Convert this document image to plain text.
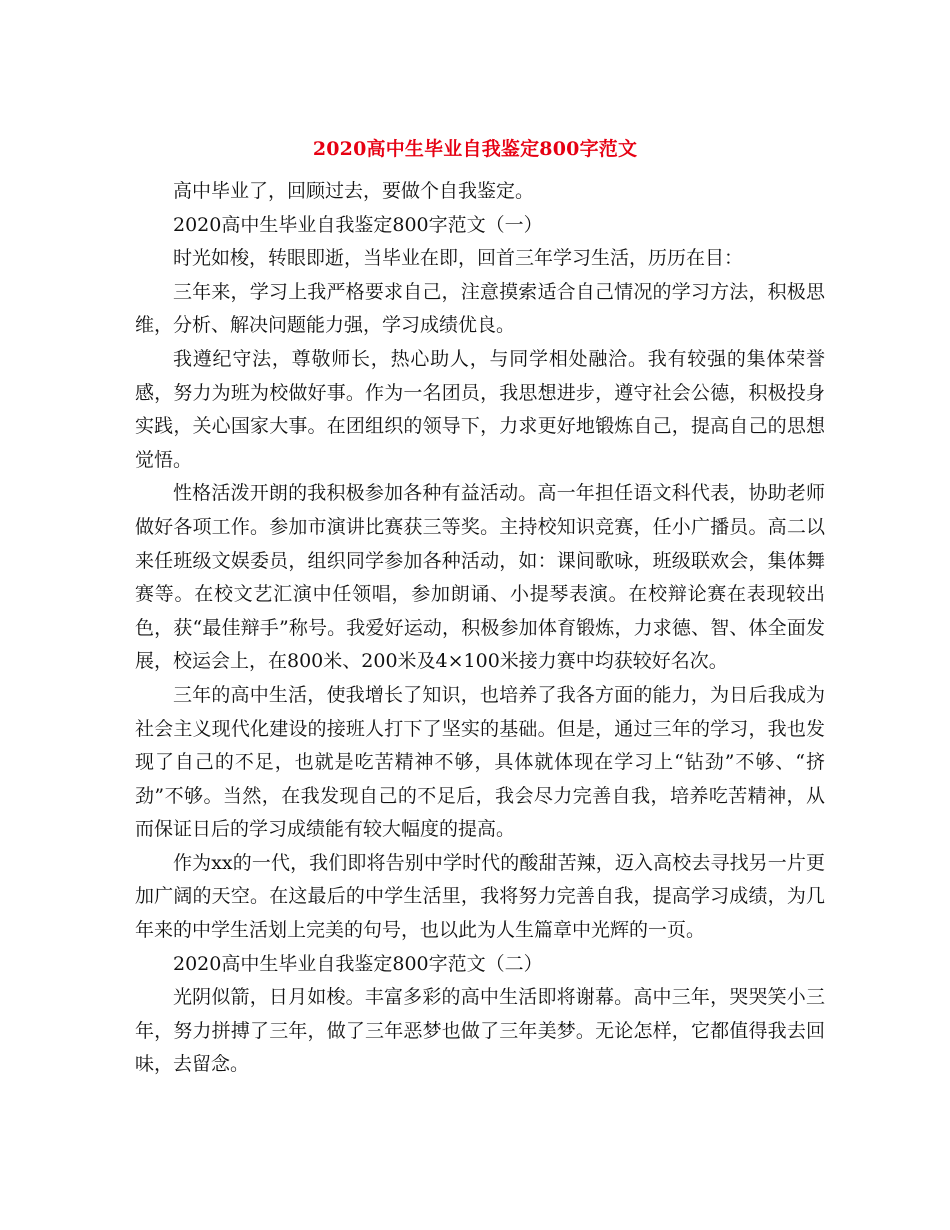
2020高中生毕业自我鉴定800字范文

高中毕业了，回顾过去，要做个自我鉴定。

2020高中生毕业自我鉴定800字范文（一）

时光如梭，转眼即逝，当毕业在即，回首三年学习生活，历历在目：

三年来，学习上我严格要求自己，注意摸索适合自己情况的学习方法，积极思维，分析、解决问题能力强，学习成绩优良。

我遵纪守法，尊敬师长，热心助人，与同学相处融洽。我有较强的集体荣誉感，努力为班为校做好事。作为一名团员，我思想进步，遵守社会公德，积极投身实践，关心国家大事。在团组织的领导下，力求更好地锻炼自己，提高自己的思想觉悟。

性格活泼开朗的我积极参加各种有益活动。高一年担任语文科代表，协助老师做好各项工作。参加市演讲比赛获三等奖。主持校知识竞赛，任小广播员。高二以来任班级文娱委员，组织同学参加各种活动，如：课间歌咏，班级联欢会，集体舞赛等。在校文艺汇演中任领唱，参加朗诵、小提琴表演。在校辩论赛在表现较出色，获“最佳辩手”称号。我爱好运动，积极参加体育锻炼，力求德、智、体全面发展，校运会上，在800米、200米及4×100米接力赛中均获较好名次。

三年的高中生活，使我增长了知识，也培养了我各方面的能力，为日后我成为社会主义现代化建设的接班人打下了坚实的基础。但是，通过三年的学习，我也发现了自己的不足，也就是吃苦精神不够，具体就体现在学习上“钻劲”不够、“挤劲”不够。当然，在我发现自己的不足后，我会尽力完善自我，培养吃苦精神，从而保证日后的学习成绩能有较大幅度的提高。

作为xx的一代，我们即将告别中学时代的酸甜苦辣，迈入高校去寻找另一片更加广阔的天空。在这最后的中学生活里，我将努力完善自我，提高学习成绩，为几年来的中学生活划上完美的句号，也以此为人生篇章中光辉的一页。

2020高中生毕业自我鉴定800字范文（二）

光阴似箭，日月如梭。丰富多彩的高中生活即将谢幕。高中三年，哭哭笑小三年，努力拼搏了三年，做了三年恶梦也做了三年美梦。无论怎样，它都值得我去回味，去留念。
